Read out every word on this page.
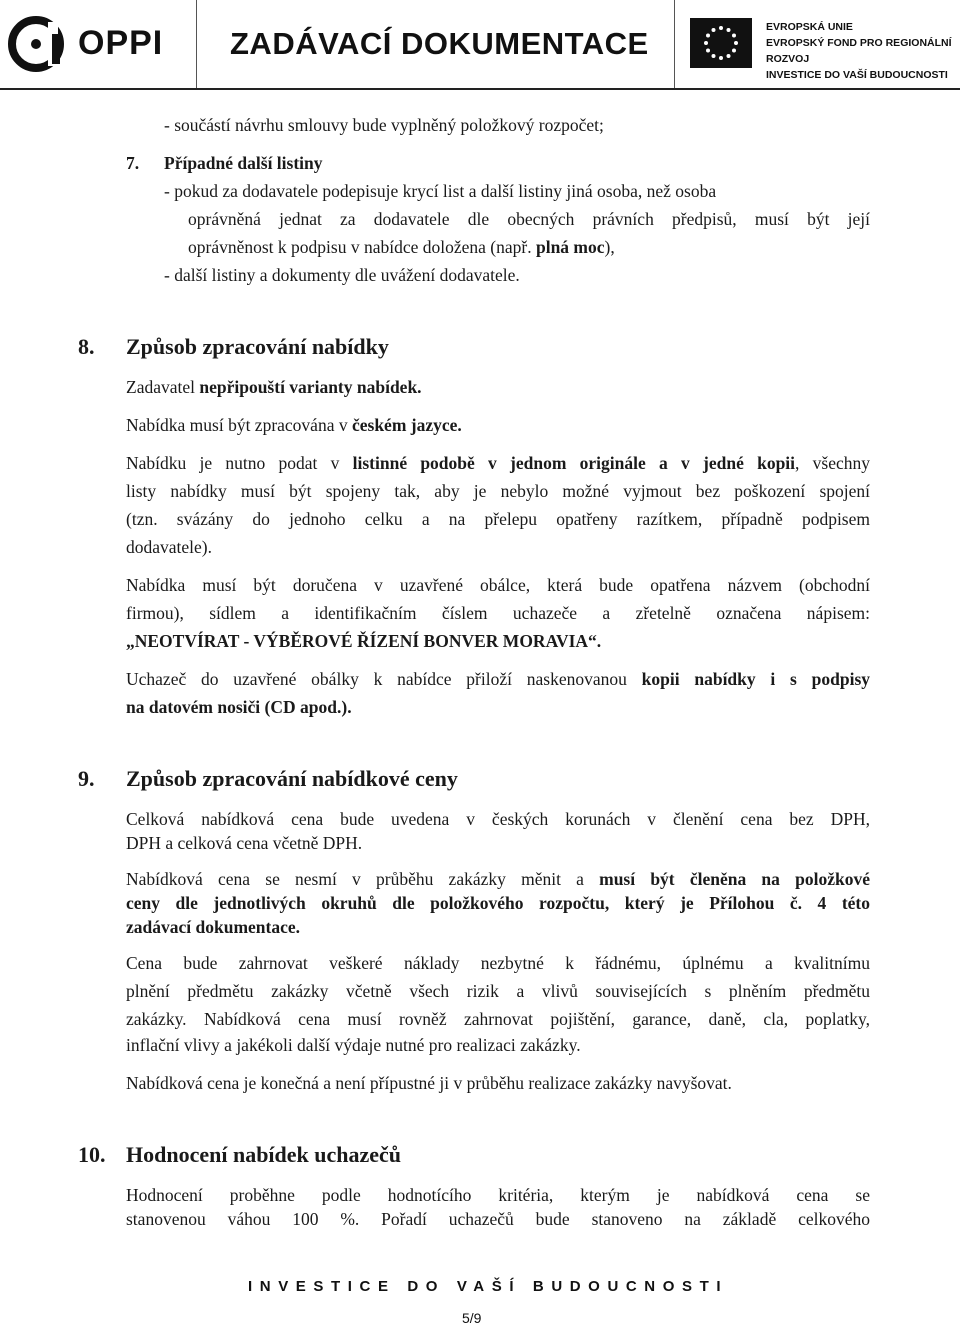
OPPI ZADÁVACÍ DOKUMENTACE	EVROPSKÁ UNIE
EVROPSKÝ FOND PRO REGIONÁLNÍ ROZVOJ
INVESTICE DO VAŠÍ BUDOUCNOSTI
- součástí návrhu smlouvy bude vyplněný položkový rozpočet;
7. Případné další listiny
- pokud za dodavatele podepisuje krycí list a další listiny jiná osoba, než osoba
oprávněná jednat za dodavatele dle obecných právních předpisů, musí být její
oprávněnost k podpisu v nabídce doložena (např. plná moc),
- další listiny a dokumenty dle uvážení dodavatele.
8. Způsob zpracování nabídky
Zadavatel nepřipouští varianty nabídek.
Nabídka musí být zpracována v českém jazyce.
Nabídku je nutno podat v listinné podobě v jednom originále a v jedné kopii, všechny
listy nabídky musí být spojeny tak, aby je nebylo možné vyjmout bez poškození spojení
(tzn. svázány do jednoho celku a na přelepu opatřeny razítkem, případně podpisem
dodavatele).
Nabídka musí být doručena v uzavřené obálce, která bude opatřena názvem (obchodní
firmou), sídlem a identifikačním číslem uchazeče a zřetelně označena nápisem:
„NEOTVÍRAT - VÝBĚROVÉ ŘÍZENÍ BONVER MORAVIA“.
Uchazeč do uzavřené obálky k nabídce přiloží naskenovanou kopii nabídky i s podpisy
na datovém nosiči (CD apod.).
9. Způsob zpracování nabídkové ceny
Celková nabídková cena bude uvedena v českých korunách v členění cena bez DPH,
DPH a celková cena včetně DPH.
Nabídková cena se nesmí v průběhu zakázky měnit a musí být členěna na položkové
ceny dle jednotlivých okruhů dle položkového rozpočtu, který je Přílohou č. 4 této
zadávací dokumentace.
Cena bude zahrnovat veškeré náklady nezbytné k řádnému, úplnému a kvalitnímu
plnění předmětu zakázky včetně všech rizik a vlivů souvisejících s plněním předmětu
zakázky. Nabídková cena musí rovněž zahrnovat pojištění, garance, daně, cla, poplatky,
inflační vlivy a jakékoli další výdaje nutné pro realizaci zakázky.
Nabídková cena je konečná a není přípustné ji v průběhu realizace zakázky navyšovat.
10. Hodnocení nabídek uchazečů
Hodnocení proběhne podle hodnotícího kritéria, kterým je nabídková cena se
stanovenou váhou 100 %. Pořadí uchazečů bude stanoveno na základě celkového
INVESTICE DO VAŠÍ BUDOUCNOSTI
5/9
